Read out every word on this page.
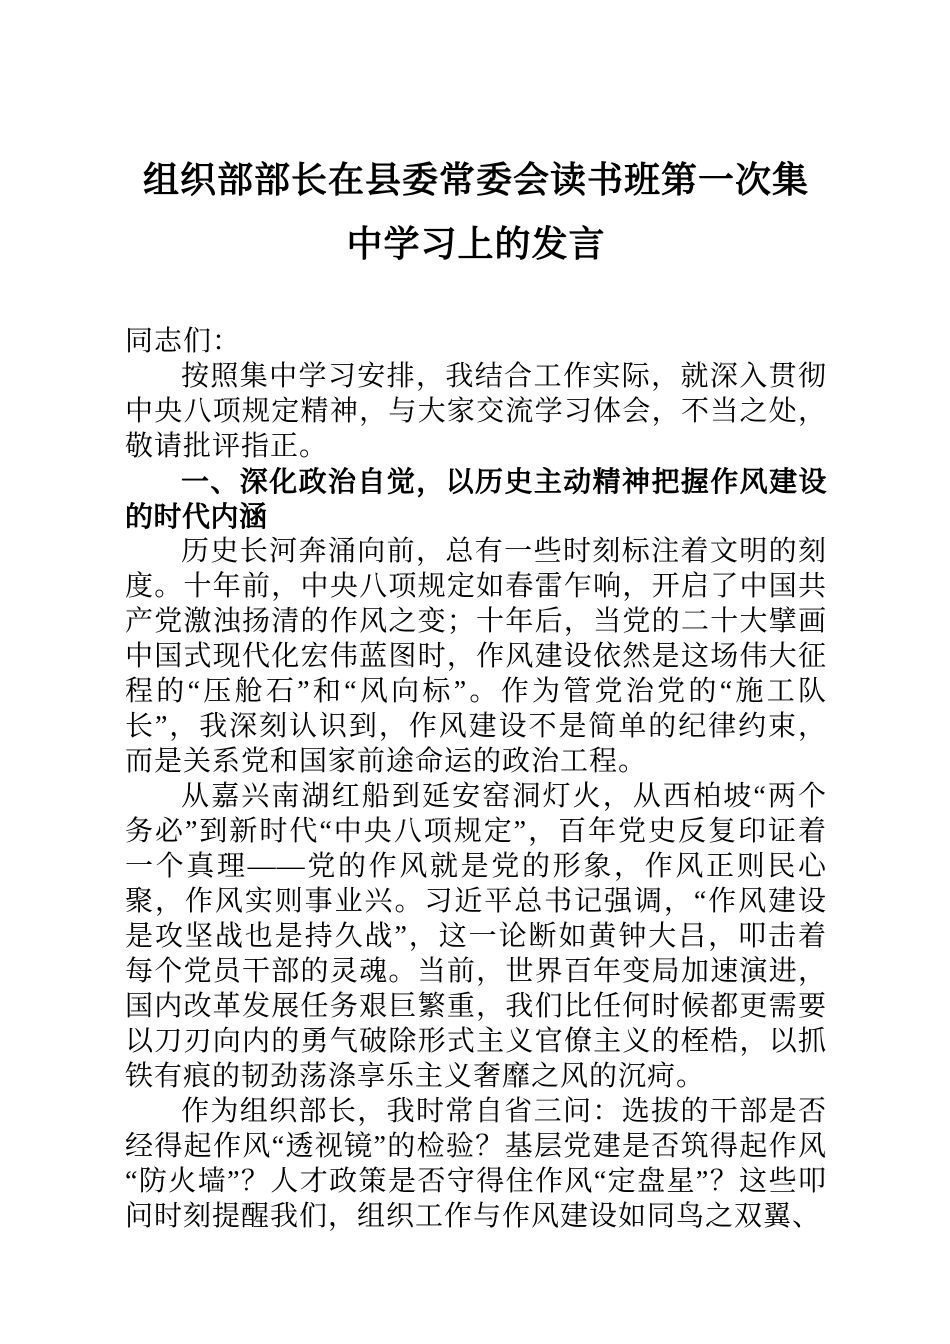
组织部部长在县委常委会读书班第一次集
中学习上的发言

同志们：

按照集中学习安排，我结合工作实际，就深入贯彻中央八项规定精神，与大家交流学习体会，不当之处，敬请批评指正。

一、深化政治自觉，以历史主动精神把握作风建设的时代内涵

历史长河奔涌向前，总有一些时刻标注着文明的刻度。十年前，中央八项规定如春雷乍响，开启了中国共产党激浊扬清的作风之变；十年后，当党的二十大擘画中国式现代化宏伟蓝图时，作风建设依然是这场伟大征程的“压舱石”和“风向标”。作为管党治党的“施工队长”，我深刻认识到，作风建设不是简单的纪律约束，而是关系党和国家前途命运的政治工程。

从嘉兴南湖红船到延安窑洞灯火，从西柏坡“两个务必”到新时代“中央八项规定”，百年党史反复印证着一个真理——党的作风就是党的形象，作风正则民心聚，作风实则事业兴。习近平总书记强调，“作风建设是攻坚战也是持久战”，这一论断如黄钟大吕，叩击着每个党员干部的灵魂。当前，世界百年变局加速演进，国内改革发展任务艰巨繁重，我们比任何时候都更需要以刀刃向内的勇气破除形式主义官僚主义的桎梏，以抓铁有痕的韧劲荡涤享乐主义奢靡之风的沉疴。

作为组织部长，我时常自省三问：选拔的干部是否经得起作风“透视镜”的检验？基层党建是否筑得起作风“防火墙”？人才政策是否守得住作风“定盘星”？这些叩问时刻提醒我们，组织工作与作风建设如同鸟之双翼、
